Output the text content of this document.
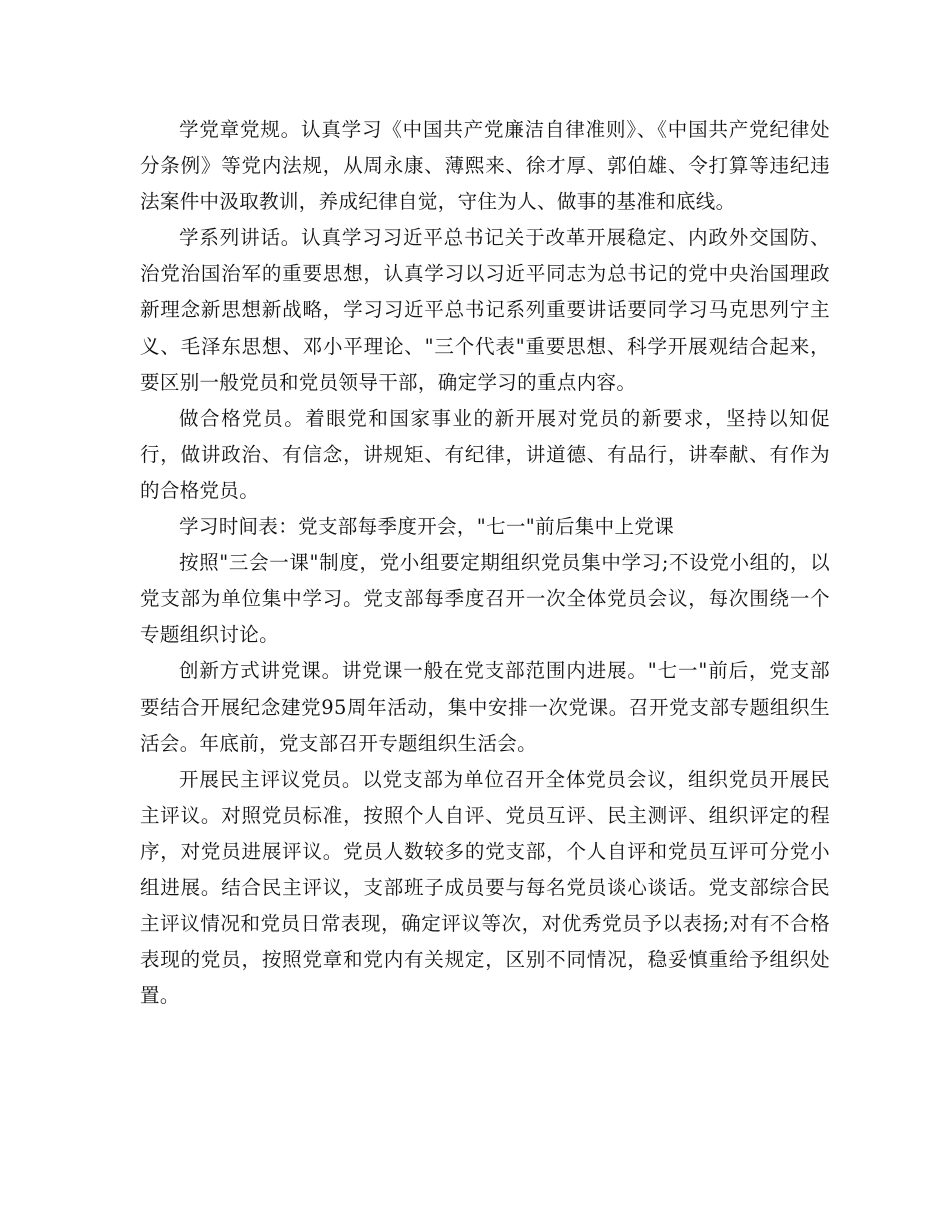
学党章党规。认真学习《中国共产党廉洁自律准则》、《中国共产党纪律处分条例》等党内法规，从周永康、薄熙来、徐才厚、郭伯雄、令打算等违纪违法案件中汲取教训，养成纪律自觉，守住为人、做事的基准和底线。

学系列讲话。认真学习习近平总书记关于改革开展稳定、内政外交国防、治党治国治军的重要思想，认真学习以习近平同志为总书记的党中央治国理政新理念新思想新战略，学习习近平总书记系列重要讲话要同学习马克思列宁主义、毛泽东思想、邓小平理论、"三个代表"重要思想、科学开展观结合起来，要区别一般党员和党员领导干部，确定学习的重点内容。

做合格党员。着眼党和国家事业的新开展对党员的新要求，坚持以知促行，做讲政治、有信念，讲规矩、有纪律，讲道德、有品行，讲奉献、有作为的合格党员。

学习时间表：党支部每季度开会，"七一"前后集中上党课

按照"三会一课"制度，党小组要定期组织党员集中学习;不设党小组的，以党支部为单位集中学习。党支部每季度召开一次全体党员会议，每次围绕一个专题组织讨论。

创新方式讲党课。讲党课一般在党支部范围内进展。"七一"前后，党支部要结合开展纪念建党95周年活动，集中安排一次党课。召开党支部专题组织生活会。年底前，党支部召开专题组织生活会。

开展民主评议党员。以党支部为单位召开全体党员会议，组织党员开展民主评议。对照党员标准，按照个人自评、党员互评、民主测评、组织评定的程序，对党员进展评议。党员人数较多的党支部，个人自评和党员互评可分党小组进展。结合民主评议，支部班子成员要与每名党员谈心谈话。党支部综合民主评议情况和党员日常表现，确定评议等次，对优秀党员予以表扬;对有不合格表现的党员，按照党章和党内有关规定，区别不同情况，稳妥慎重给予组织处置。
